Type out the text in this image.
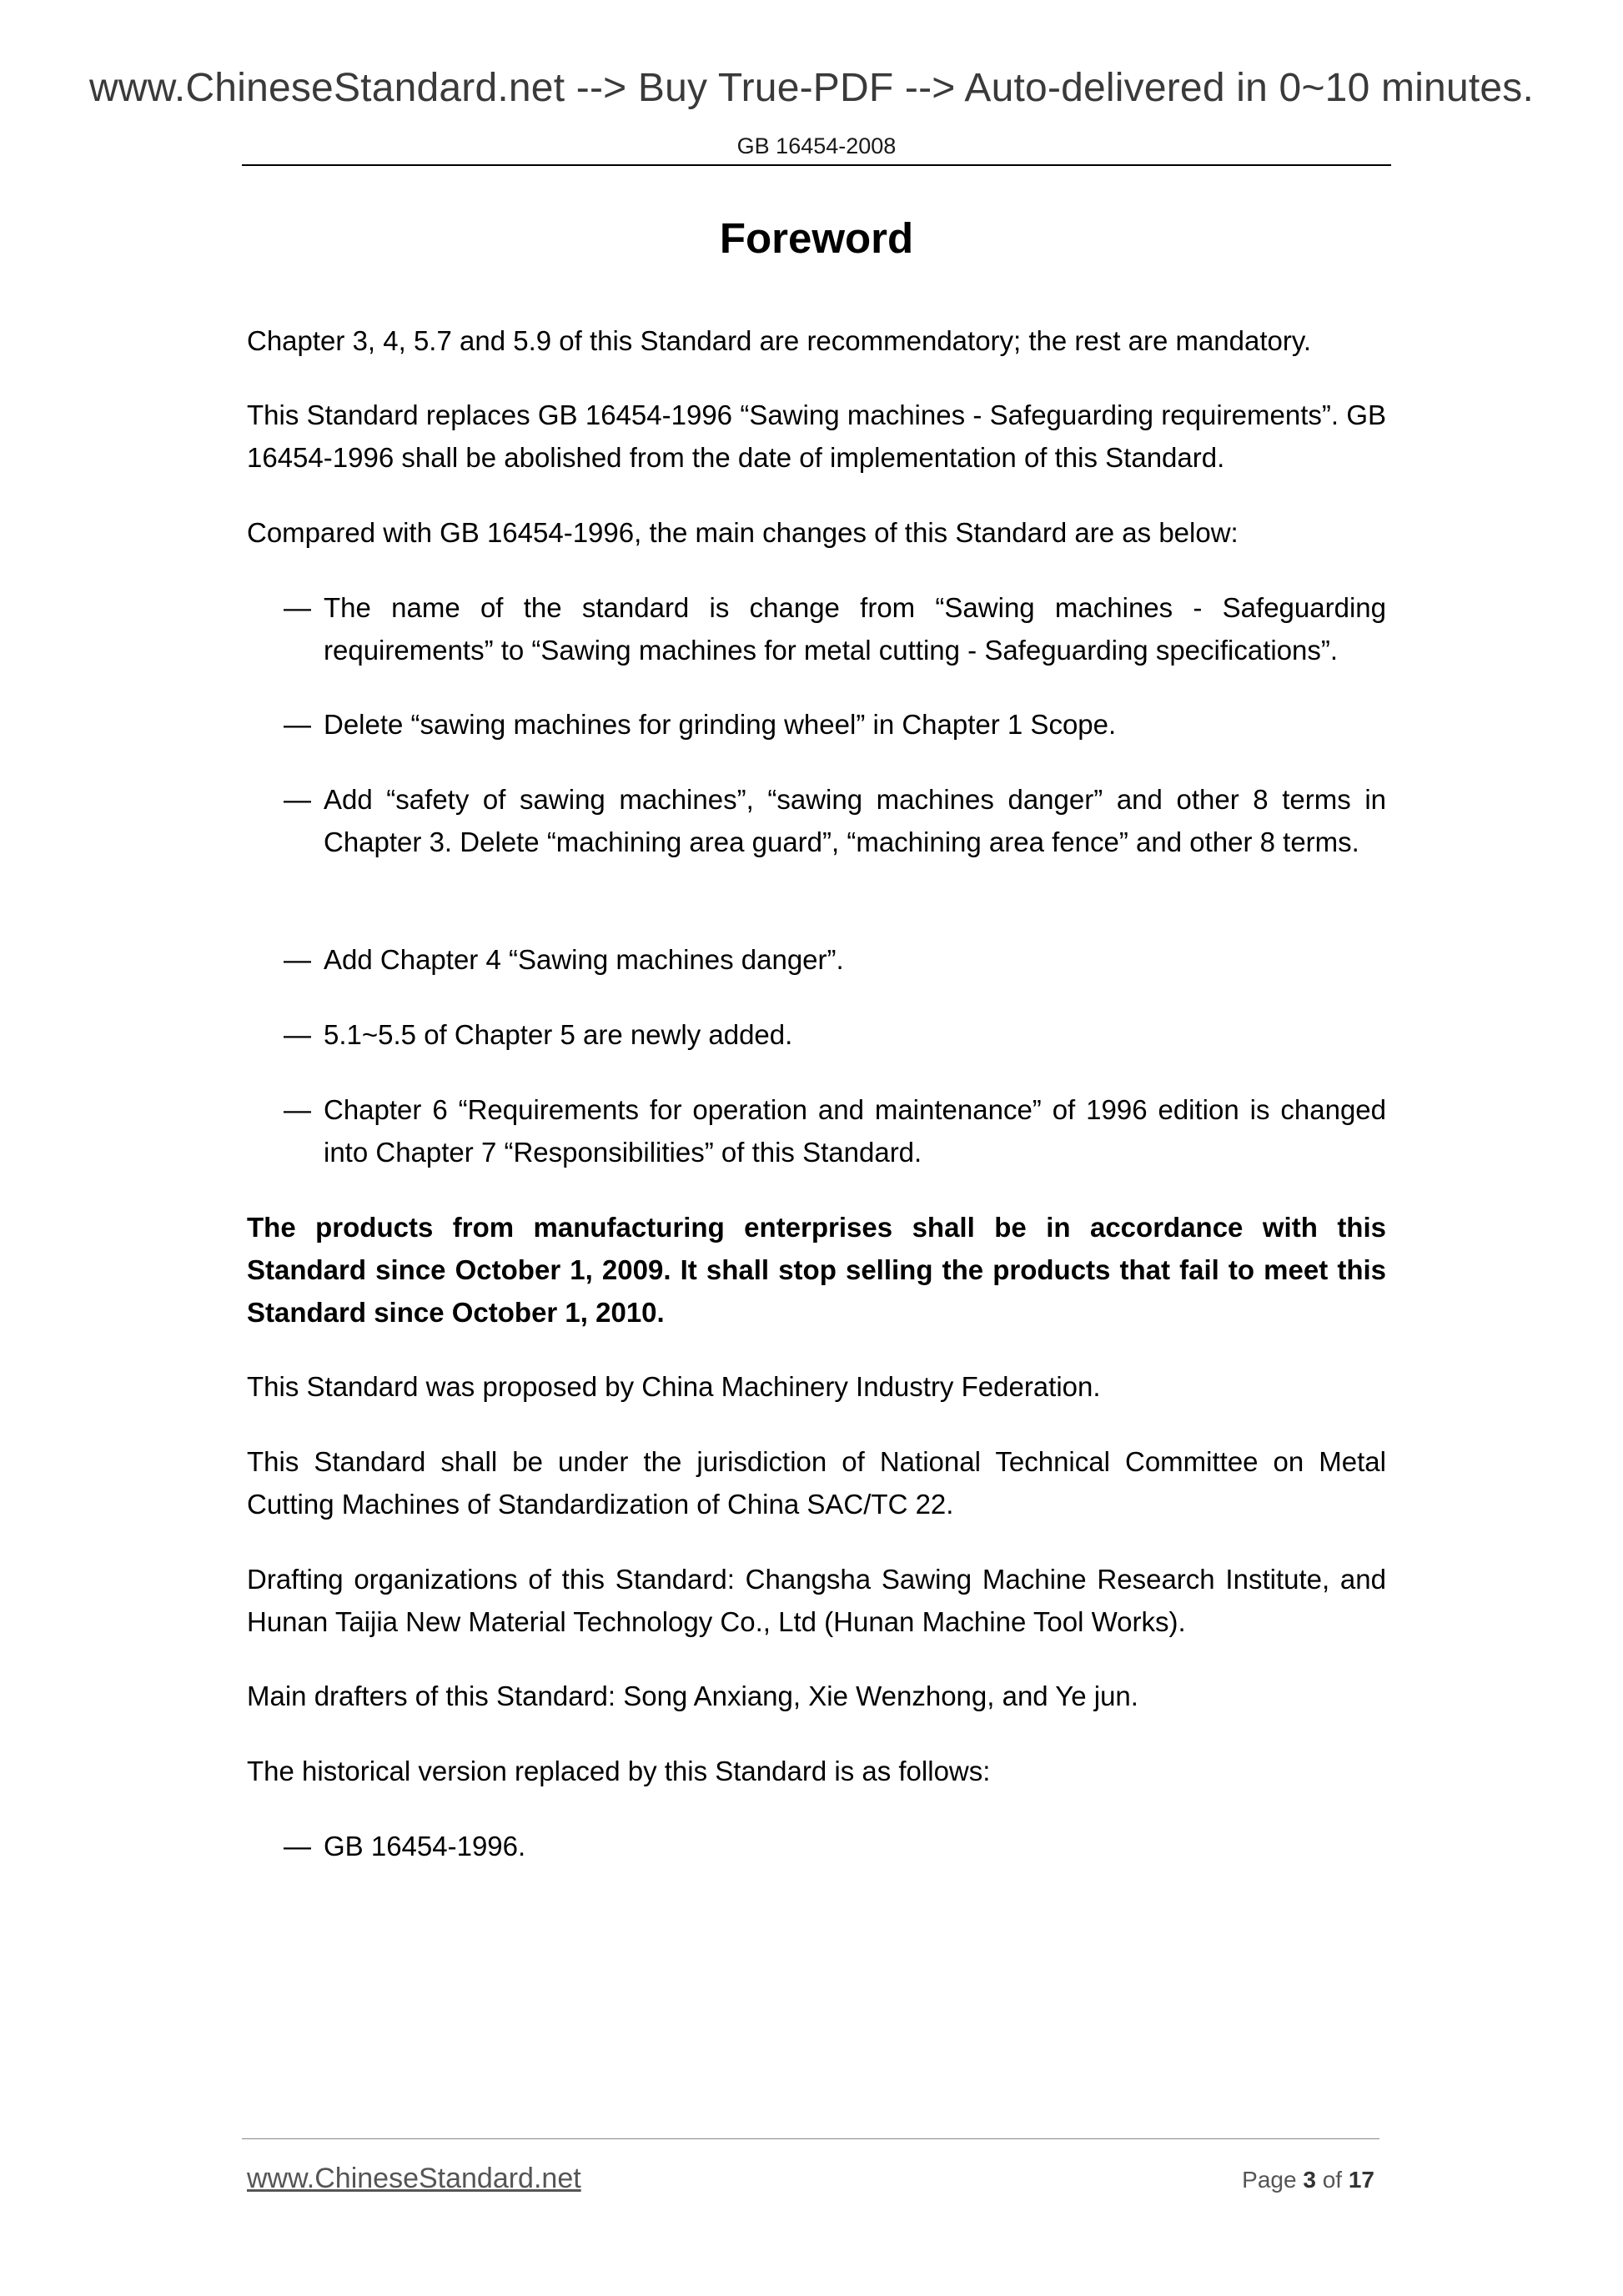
www.ChineseStandard.net --> Buy True-PDF --> Auto-delivered in 0~10 minutes.
GB 16454-2008
Foreword

Chapter 3, 4, 5.7 and 5.9 of this Standard are recommendatory; the rest are mandatory.

This Standard replaces GB 16454-1996 “Sawing machines - Safeguarding requirements”. GB 16454-1996 shall be abolished from the date of implementation of this Standard.

Compared with GB 16454-1996, the main changes of this Standard are as below:

— The name of the standard is change from “Sawing machines - Safeguarding requirements” to “Sawing machines for metal cutting - Safeguarding specifications”.
— Delete “sawing machines for grinding wheel” in Chapter 1 Scope.
— Add “safety of sawing machines”, “sawing machines danger” and other 8 terms in Chapter 3. Delete “machining area guard”, “machining area fence” and other 8 terms.
— Add Chapter 4 “Sawing machines danger”.
— 5.1~5.5 of Chapter 5 are newly added.
— Chapter 6 “Requirements for operation and maintenance” of 1996 edition is changed into Chapter 7 “Responsibilities” of this Standard.

The products from manufacturing enterprises shall be in accordance with this Standard since October 1, 2009. It shall stop selling the products that fail to meet this Standard since October 1, 2010.

This Standard was proposed by China Machinery Industry Federation.

This Standard shall be under the jurisdiction of National Technical Committee on Metal Cutting Machines of Standardization of China SAC/TC 22.

Drafting organizations of this Standard: Changsha Sawing Machine Research Institute, and Hunan Taijia New Material Technology Co., Ltd (Hunan Machine Tool Works).

Main drafters of this Standard: Song Anxiang, Xie Wenzhong, and Ye jun.

The historical version replaced by this Standard is as follows:

— GB 16454-1996.
www.ChineseStandard.net	Page 3 of 17
